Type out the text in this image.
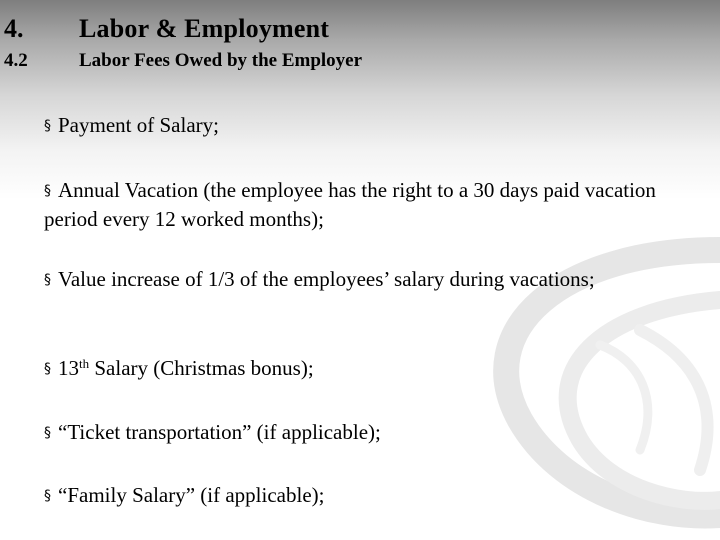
4. Labor & Employment
4.2	Labor Fees Owed by the Employer
§ Payment of Salary;
§ Annual Vacation (the employee has the right to a 30 days paid vacation period every 12 worked months);
§ Value increase of 1/3 of the employees’ salary during vacations;
§ 13th Salary (Christmas bonus);
§ “Ticket transportation” (if applicable);
§ “Family Salary” (if applicable);
